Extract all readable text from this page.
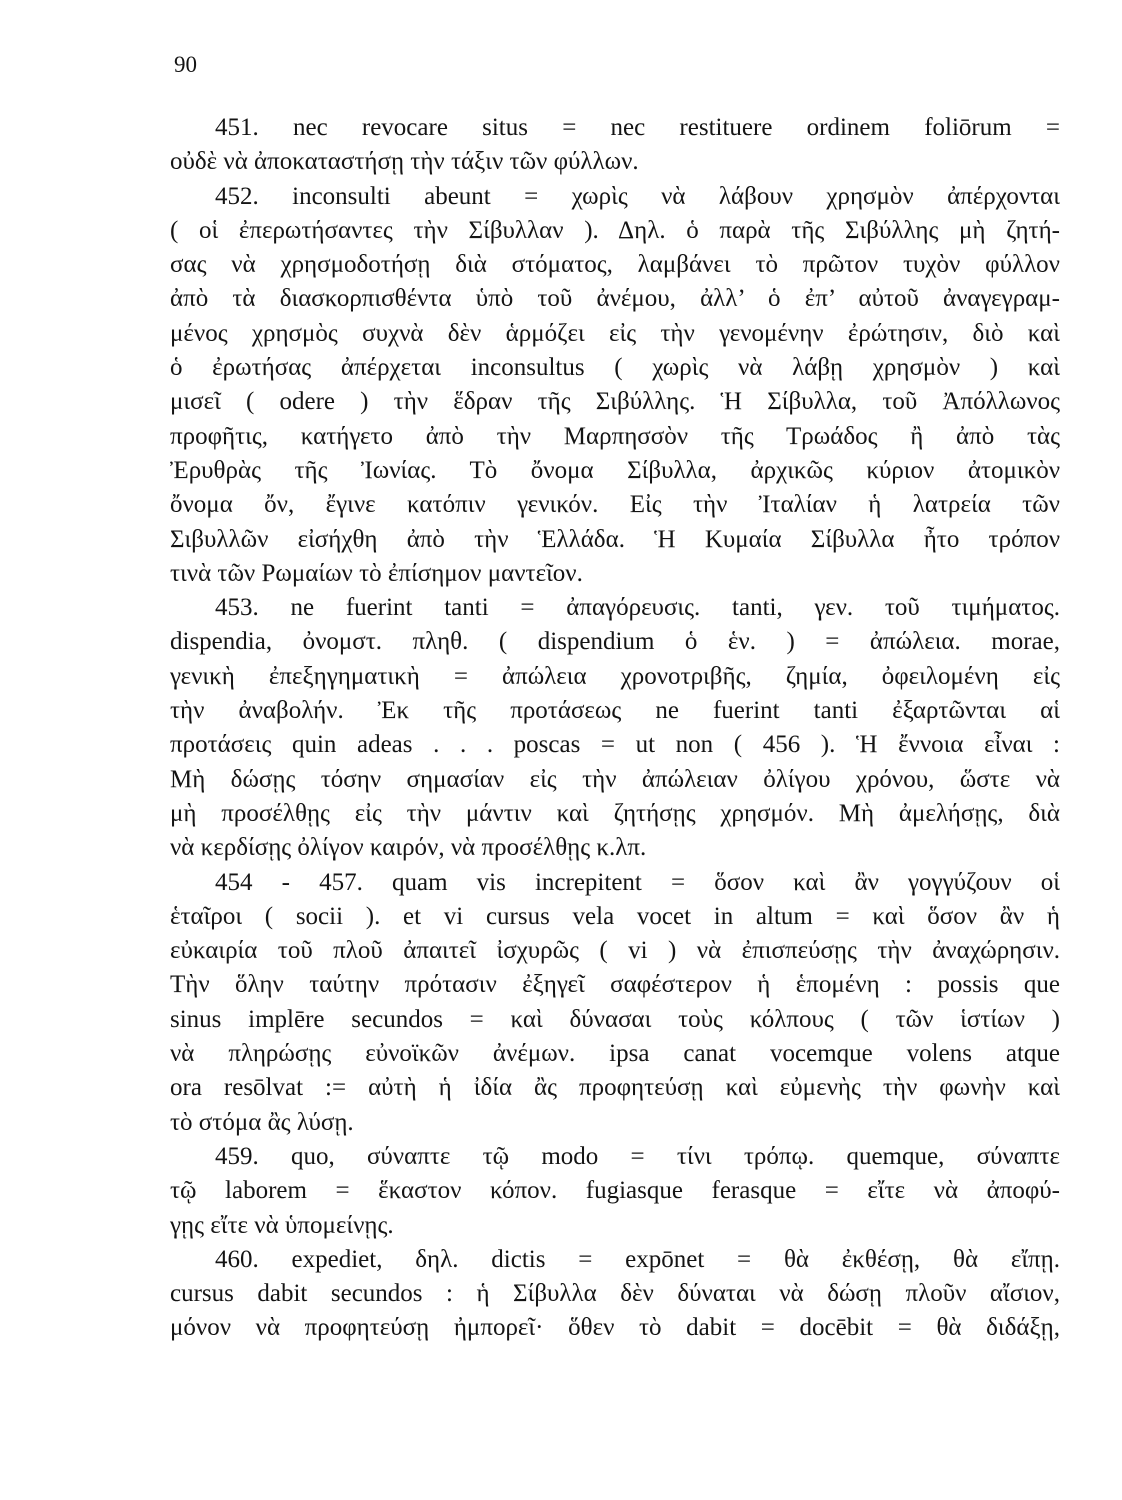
90
451. nec revocare situs = nec restituere ordinem foliōrum =
οὐδὲ νὰ ἀποκαταστήσῃ τὴν τάξιν τῶν φύλλων.
452. inconsulti abeunt = χωρὶς νὰ λάβουν χρησμὸν ἀπέρχονται
( οἱ ἐπερωτήσαντες τὴν Σίβυλλαν ). Δηλ. ὁ παρὰ τῆς Σιβύλλης μὴ ζητή-
σας νὰ χρησμοδοτήσῃ διὰ στόματος, λαμβάνει τὸ πρῶτον τυχὸν φύλλον
ἀπὸ τὰ διασκορπισθέντα ὑπὸ τοῦ ἀνέμου, ἀλλ’ ὁ ἐπ’ αὐτοῦ ἀναγεγραμ-
μένος χρησμὸς συχνὰ δὲν ἁρμόζει εἰς τὴν γενομένην ἐρώτησιν, διὸ καὶ
ὁ ἐρωτήσας ἀπέρχεται inconsultus ( χωρὶς νὰ λάβῃ χρησμὸν ) καὶ
μισεῖ ( odere ) τὴν ἕδραν τῆς Σιβύλλης. Ἡ Σίβυλλα, τοῦ Ἀπόλλωνος
προφῆτις, κατήγετο ἀπὸ τὴν Μαρπησσὸν τῆς Τρωάδος ἢ ἀπὸ τὰς
Ἐρυθρὰς τῆς Ἰωνίας. Τὸ ὄνομα Σίβυλλα, ἀρχικῶς κύριον ἀτομικὸν
ὄνομα ὄν, ἔγινε κατόπιν γενικόν. Εἰς τὴν Ἰταλίαν ἡ λατρεία τῶν
Σιβυλλῶν εἰσήχθη ἀπὸ τὴν Ἑλλάδα. Ἡ Κυμαία Σίβυλλα ἦτο τρόπον
τινὰ τῶν Ρωμαίων τὸ ἐπίσημον μαντεῖον.
453. ne fuerint tanti = ἀπαγόρευσις. tanti, γεν. τοῦ τιμήματος.
dispendia, ὀνομστ. πληθ. ( dispendium ὁ ἑν. ) = ἀπώλεια. morae,
γενικὴ ἐπεξηγηματικὴ = ἀπώλεια χρονοτριβῆς, ζημία, ὀφειλομένη εἰς
τὴν ἀναβολήν. Ἐκ τῆς προτάσεως ne fuerint tanti ἐξαρτῶνται αἱ
προτάσεις quin adeas . . . poscas = ut non ( 456 ). Ἡ ἔννοια εἶναι :
Μὴ δώσῃς τόσην σημασίαν εἰς τὴν ἀπώλειαν ὀλίγου χρόνου, ὥστε νὰ
μὴ προσέλθῃς εἰς τὴν μάντιν καὶ ζητήσῃς χρησμόν. Μὴ ἀμελήσῃς, διὰ
νὰ κερδίσῃς ὀλίγον καιρόν, νὰ προσέλθῃς κ.λπ.
454 - 457. quam vis increpitent = ὅσον καὶ ἂν γογγύζουν οἱ
ἑταῖροι ( socii ). et vi cursus vela vocet in altum = καὶ ὅσον ἂν ἡ
εὐκαιρία τοῦ πλοῦ ἀπαιτεῖ ἰσχυρῶς ( vi ) νὰ ἐπισπεύσῃς τὴν ἀναχώρησιν.
Τὴν ὅλην ταύτην πρότασιν ἐξηγεῖ σαφέστερον ἡ ἑπομένη : possis que
sinus implēre secundos = καὶ δύνασαι τοὺς κόλπους ( τῶν ἱστίων )
νὰ πληρώσῃς εὐνοϊκῶν ἀνέμων. ipsa canat vocemque volens atque
ora resōlvat := αὐτὴ ἡ ἰδία ἂς προφητεύσῃ καὶ εὐμενὴς τὴν φωνὴν καὶ
τὸ στόμα ἂς λύσῃ.
459. quo, σύναπτε τῷ modo = τίνι τρόπῳ. quemque, σύναπτε
τῷ laborem = ἕκαστον κόπον. fugiasque ferasque = εἴτε νὰ ἀποφύ-
γῃς εἴτε νὰ ὑπομείνῃς.
460. expediet, δηλ. dictis = expōnet = θὰ ἐκθέσῃ, θὰ εἴπῃ.
cursus dabit secundos : ἡ Σίβυλλα δὲν δύναται νὰ δώσῃ πλοῦν αἴσιον,
μόνον νὰ προφητεύσῃ ἠμπορεῖ· ὅθεν τὸ dabit = docēbit = θὰ διδάξῃ,
